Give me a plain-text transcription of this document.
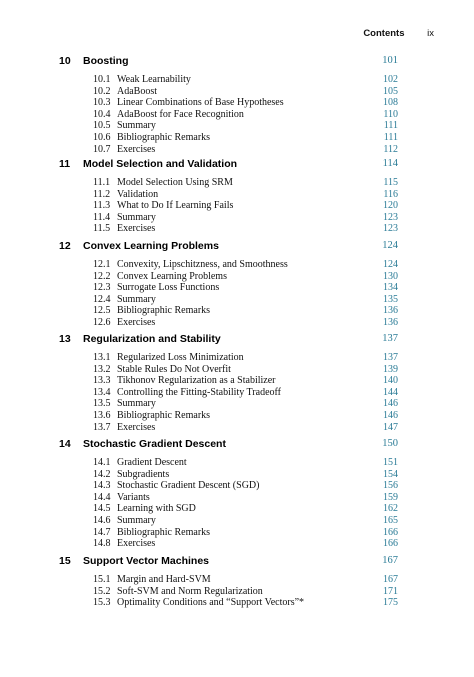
Contents ix
10 Boosting	101
10.1 Weak Learnability	102
10.2 AdaBoost	105
10.3 Linear Combinations of Base Hypotheses	108
10.4 AdaBoost for Face Recognition	110
10.5 Summary	111
10.6 Bibliographic Remarks	111
10.7 Exercises	112
11 Model Selection and Validation	114
11.1 Model Selection Using SRM	115
11.2 Validation	116
11.3 What to Do If Learning Fails	120
11.4 Summary	123
11.5 Exercises	123
12 Convex Learning Problems	124
12.1 Convexity, Lipschitzness, and Smoothness	124
12.2 Convex Learning Problems	130
12.3 Surrogate Loss Functions	134
12.4 Summary	135
12.5 Bibliographic Remarks	136
12.6 Exercises	136
13 Regularization and Stability	137
13.1 Regularized Loss Minimization	137
13.2 Stable Rules Do Not Overfit	139
13.3 Tikhonov Regularization as a Stabilizer	140
13.4 Controlling the Fitting-Stability Tradeoff	144
13.5 Summary	146
13.6 Bibliographic Remarks	146
13.7 Exercises	147
14 Stochastic Gradient Descent	150
14.1 Gradient Descent	151
14.2 Subgradients	154
14.3 Stochastic Gradient Descent (SGD)	156
14.4 Variants	159
14.5 Learning with SGD	162
14.6 Summary	165
14.7 Bibliographic Remarks	166
14.8 Exercises	166
15 Support Vector Machines	167
15.1 Margin and Hard-SVM	167
15.2 Soft-SVM and Norm Regularization	171
15.3 Optimality Conditions and “Support Vectors”*	175
